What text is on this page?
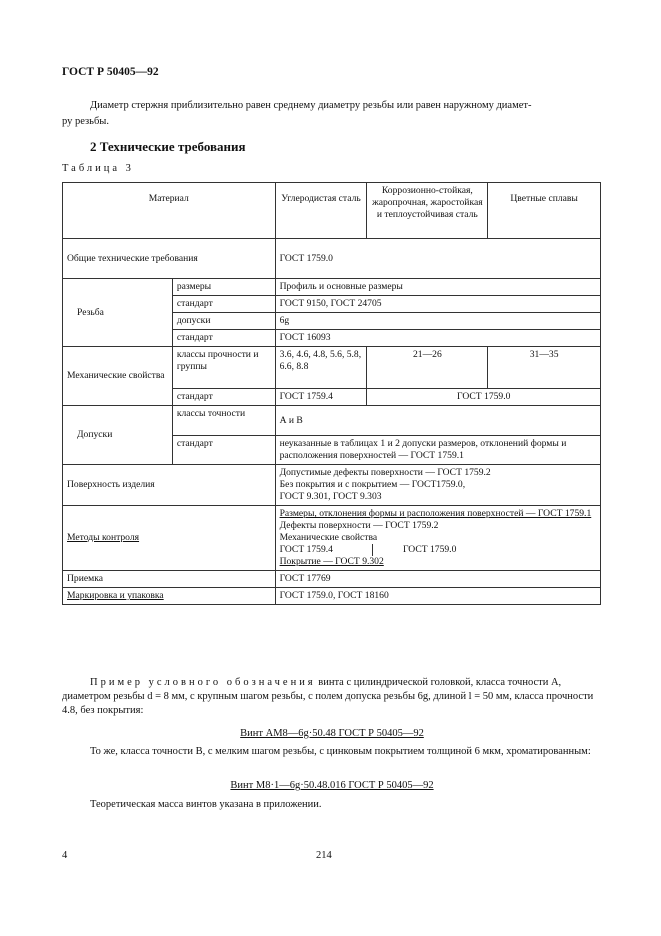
ГОСТ Р 50405—92
Диаметр стержня приблизительно равен среднему диаметру резьбы или равен наружному диамет-
ру резьбы.
2 Технические требования
Таблица 3
Материал		Углеродистая сталь	Коррозионно-стойкая, жаропрочная, жаростойкая и теплоустойчивая сталь	Цветные сплавы
Общие технические требования		ГОСТ 1759.0		
Резьба	размеры	Профиль и основные размеры		
	стандарт	ГОСТ 9150, ГОСТ 24705		
	допуски	6g		
	стандарт	ГОСТ 16093		
Механические свойства	классы прочности и группы	3.6, 4.6, 4.8, 5.6, 5.8, 6.6, 8.8	21—26	31—35
	стандарт	ГОСТ 1759.4	ГОСТ 1759.0	
Допуски	классы точности	А и В		
	стандарт	неуказанные в таблицах 1 и 2 допуски размеров, отклонений формы и расположения поверхностей — ГОСТ 1759.1		
Поверхность изделия		Допустимые дефекты поверхности — ГОСТ 1759.2
Без покрытия и с покрытием — ГОСТ1759.0,
ГОСТ 9.301, ГОСТ 9.303		

Методы контроля		Размеры, отклонения формы и расположения поверхностей — ГОСТ 1759.1
Дефекты поверхности — ГОСТ 1759.2
Механические свойства
ГОСТ 1759.4 ГОСТ 1759.0
Покрытие — ГОСТ 9.302		

Приемка		ГОСТ 17769		
Маркировка и упаковка		ГОСТ 1759.0, ГОСТ 18160		
Пример условного обозначения винта с цилиндрической головкой, класса точности А, диаметром резьбы d = 8 мм, с крупным шагом резьбы, с полем допуска резьбы 6g, длиной l = 50 мм, класса прочности 4.8, без покрытия:
Винт АМ8—6g·50.48 ГОСТ Р 50405—92
То же, класса точности В, с мелким шагом резьбы, с цинковым покрытием толщиной 6 мкм, хроматированным:
Винт М8·1—6g·50.48.016 ГОСТ Р 50405—92
Теоретическая масса винтов указана в приложении.
4	214
